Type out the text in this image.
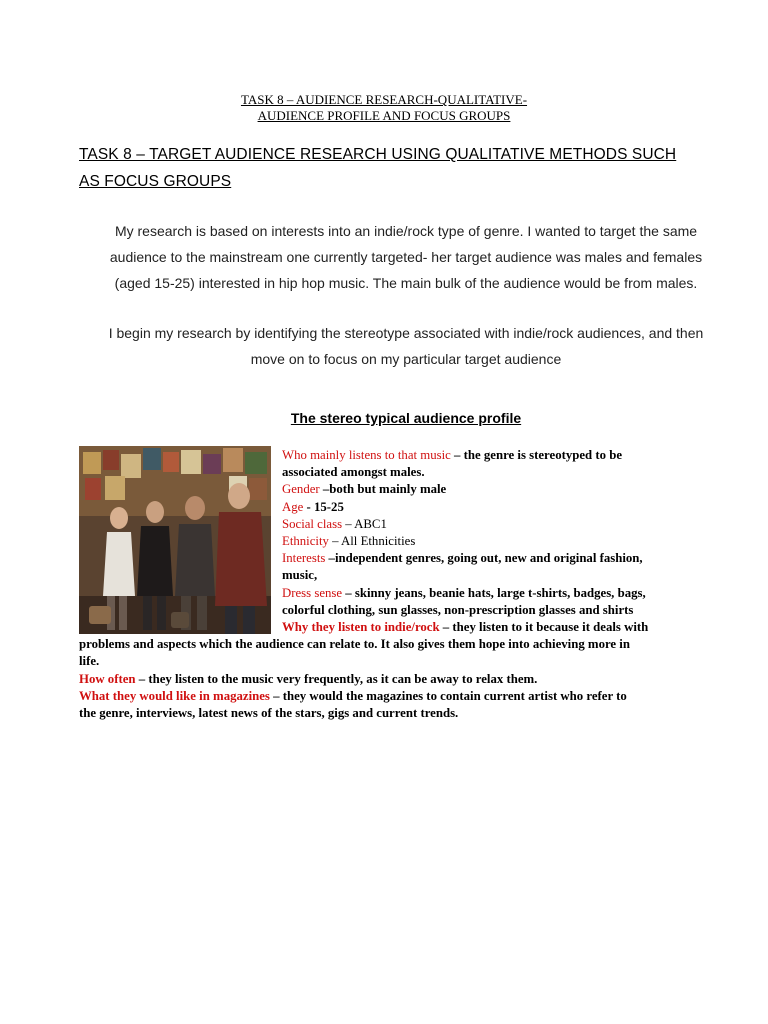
TASK 8 – AUDIENCE RESEARCH-QUALITATIVE-
AUDIENCE PROFILE AND FOCUS GROUPS
TASK 8 – TARGET AUDIENCE RESEARCH USING QUALITATIVE METHODS SUCH
AS FOCUS GROUPS
My research is based on interests into an indie/rock type of genre. I wanted to target the same
audience to the mainstream one currently targeted- her target audience was males and females
(aged 15-25) interested in hip hop music. The main bulk of the audience would be from males.
I begin my research by identifying the stereotype associated with indie/rock audiences, and then
move on to focus on my particular target audience
The stereo typical audience profile
Who mainly listens to that music – the genre is stereotyped to be
associated amongst males.
Gender –both but mainly male
Age - 15-25
Social class – ABC1
Ethnicity – All Ethnicities
Interests –independent genres, going out, new and original fashion,
music,
Dress sense – skinny jeans, beanie hats, large t-shirts, badges, bags,
colorful clothing, sun glasses, non-prescription glasses and shirts
Why they listen to indie/rock – they listen to it because it deals with
problems and aspects which the audience can relate to. It also gives them hope into achieving more in
life.
How often – they listen to the music very frequently, as it can be away to relax them.
What they would like in magazines – they would the magazines to contain current artist who refer to
the genre, interviews, latest news of the stars, gigs and current trends.
